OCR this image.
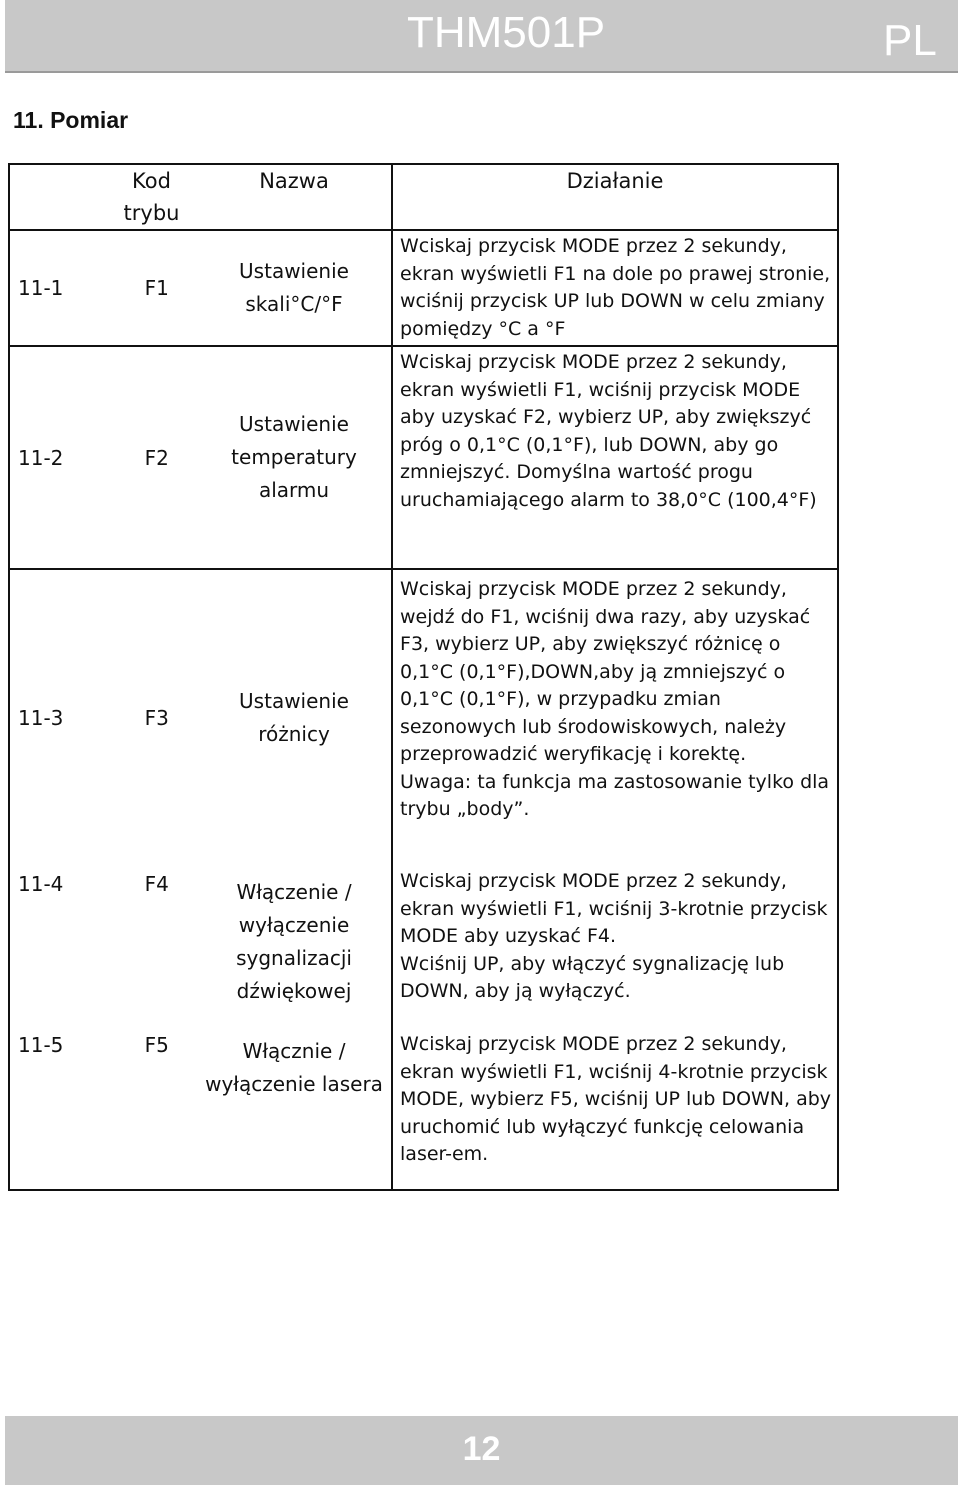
THM501P	PL
11. Pomiar
Kod trybu	Nazwa	Działanie

11-1 F1	Ustawienie skali°C/°F	Wciskaj przycisk MODE przez 2 sekundy, ekran wyświetli F1 na dole po prawej stronie, wciśnij przycisk UP lub DOWN w celu zmiany pomiędzy °C a °F

11-2 F2	Ustawienie temperatury alarmu	Wciskaj przycisk MODE przez 2 sekundy, ekran wyświetli F1, wciśnij przycisk MODE aby uzyskać F2, wybierz UP, aby zwiększyć próg o 0,1°C (0,1°F), lub DOWN, aby go zmniejszyć. Domyślna wartość progu uruchamiającego alarm to 38,0°C (100,4°F)

11-3 F3	Ustawienie różnicy	Wciskaj przycisk MODE przez 2 sekundy, wejdź do F1, wciśnij dwa razy, aby uzyskać F3, wybierz UP, aby zwiększyć różnicę o 0,1°C (0,1°F),DOWN,aby ją zmniejszyć o 0,1°C (0,1°F), w przypadku zmian sezonowych lub środowiskowych, należy przeprowadzić weryfikację i korektę.
Uwaga: ta funkcja ma zastosowanie tylko dla trybu „body”.

11-4 F4	Włączenie / wyłączenie sygnalizacji dźwiękowej	Wciskaj przycisk MODE przez 2 sekundy, ekran wyświetli F1, wciśnij 3-krotnie przycisk MODE aby uzyskać F4.
Wciśnij UP, aby włączyć sygnalizację lub DOWN, aby ją wyłączyć.

11-5 F5	Włącznie / wyłączenie lasera	Wciskaj przycisk MODE przez 2 sekundy, ekran wyświetli F1, wciśnij 4-krotnie przycisk MODE, wybierz F5, wciśnij UP lub DOWN, aby uruchomić lub wyłączyć funkcję celowania laser-em.
12
